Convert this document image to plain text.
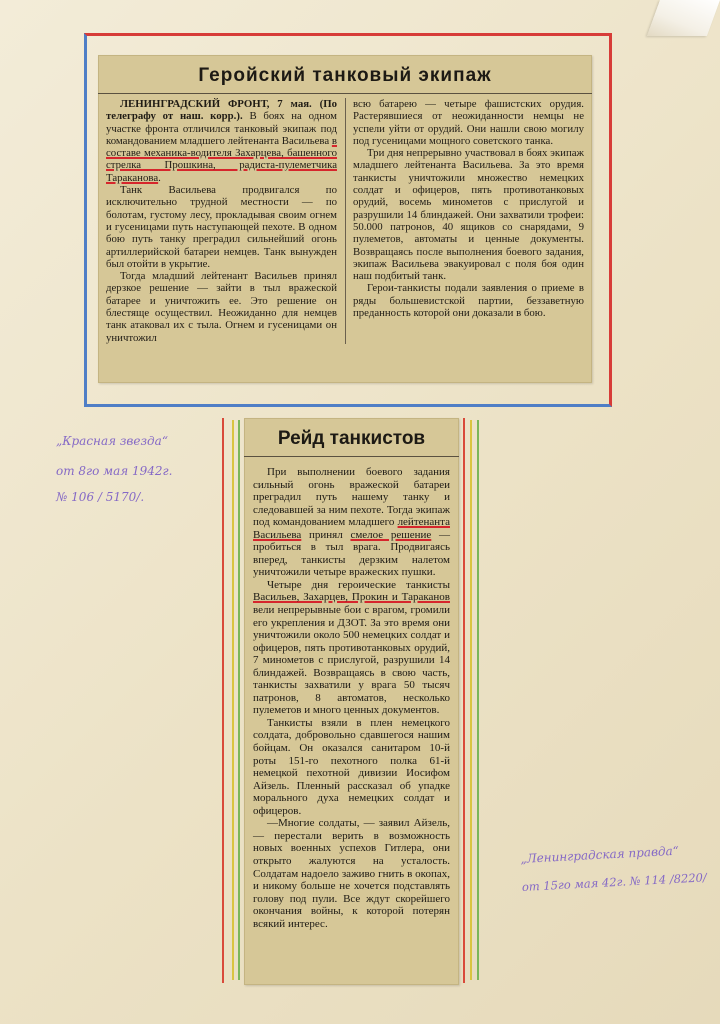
Геройский танковый экипаж

ЛЕНИНГРАДСКИЙ ФРОНТ, 7 мая. (По телеграфу от наш. корр.). В боях на одном участке фронта отличился танковый экипаж под командованием младшего лейтенанта Васильева в составе механика-водителя Захарцева, башенного стрелка Прошкина, радиста-пулеметчика Тараканова.

Танк Васильева продвигался по исключительно трудной местности — по болотам, густому лесу, прокладывая своим огнем и гусеницами путь наступающей пехоте. В одном бою путь танку преградил сильнейший огонь артиллерийской батареи немцев. Танк вынужден был отойти в укрытие.

Тогда младший лейтенант Васильев принял дерзкое решение — зайти в тыл вражеской батарее и уничтожить ее. Это решение он блестяще осуществил. Неожиданно для немцев танк атаковал их с тыла. Огнем и гусеницами он уничтожил

всю батарею — четыре фашистских орудия. Растерявшиеся от неожиданности немцы не успели уйти от орудий. Они нашли свою могилу под гусеницами мощного советского танка.

Три дня непрерывно участвовал в боях экипаж младшего лейтенанта Васильева. За это время танкисты уничтожили множество немецких солдат и офицеров, пять противотанковых орудий, восемь минометов с прислугой и разрушили 14 блиндажей. Они захватили трофеи: 50.000 патронов, 40 ящиков со снарядами, 9 пулеметов, автоматы и ценные документы. Возвращаясь после выполнения боевого задания, экипаж Васильева эвакуировал с поля боя один наш подбитый танк.

Герои-танкисты подали заявления о приеме в ряды большевистской партии, беззаветную преданность которой они доказали в бою.

Рейд танкистов

При выполнении боевого задания сильный огонь вражеской батареи преградил путь нашему танку и следовавшей за ним пехоте. Тогда экипаж под командованием младшего лейтенанта Васильева принял смелое решение — пробиться в тыл врага. Продвигаясь вперед, танкисты дерзким налетом уничтожили четыре вражеских пушки.

Четыре дня героические танкисты Васильев, Захарцев, Прокин и Тараканов вели непрерывные бои с врагом, громили его укрепления и ДЗОТ. За это время они уничтожили около 500 немецких солдат и офицеров, пять противотанковых орудий, 7 минометов с прислугой, разрушили 14 блиндажей. Возвращаясь в свою часть, танкисты захватили у врага 50 тысяч патронов, 8 автоматов, несколько пулеметов и много ценных документов.

Танкисты взяли в плен немецкого солдата, добровольно сдавшегося нашим бойцам. Он оказался санитаром 10-й роты 151-го пехотного полка 61-й немецкой пехотной дивизии Иосифом Айзель. Пленный рассказал об упадке морального духа немецких солдат и офицеров.

—Многие солдаты, — заявил Айзель, — перестали верить в возможность новых военных успехов Гитлера, они открыто жалуются на усталость. Солдатам надоело заживо гнить в окопах, и никому больше не хочется подставлять голову под пули. Все ждут скорейшего окончания войны, к которой потерян всякий интерес.

„Красная звезда“
от 8го мая 1942г.
№ 106 / 5170/.
„Ленинградская правда“
от 15го мая 42г. № 114 /8220/
